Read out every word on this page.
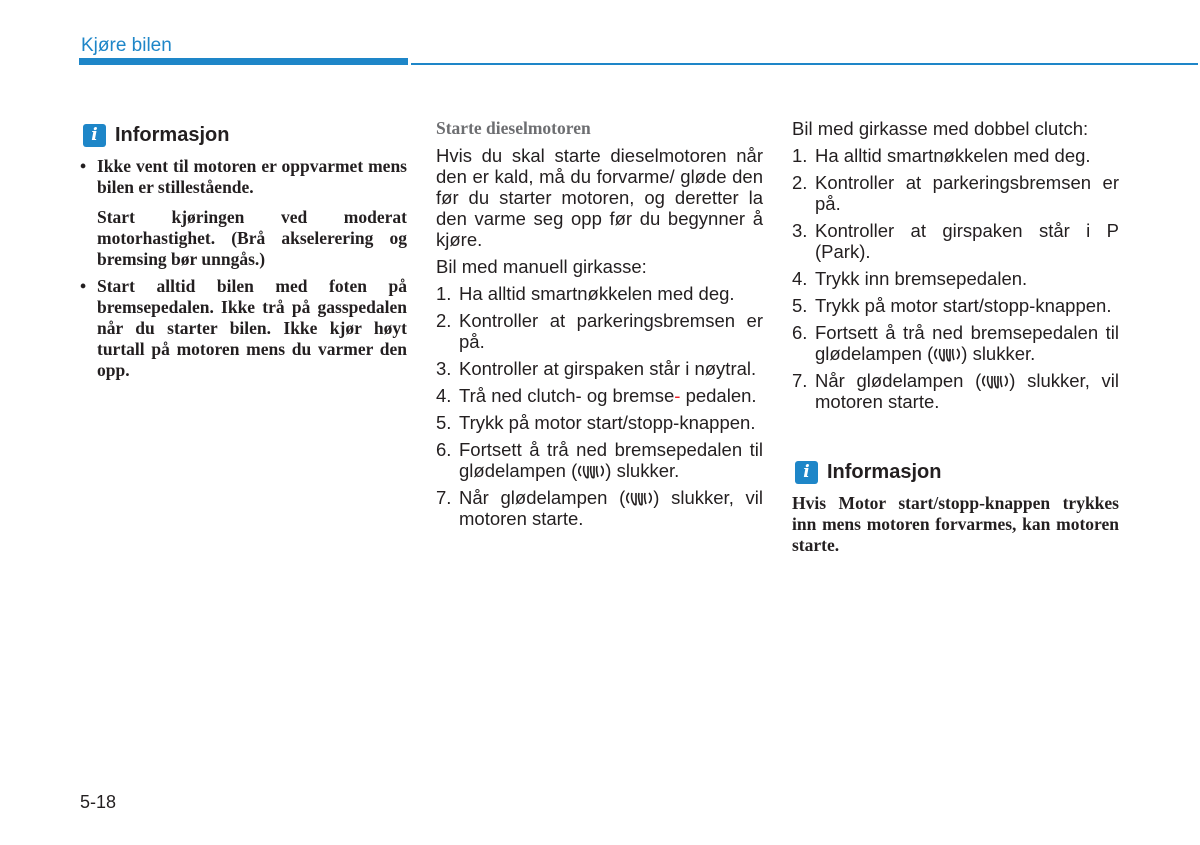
Kjøre bilen
i Informasjon
• Ikke vent til motoren er oppvarmet mens bilen er stillestående.
Start kjøringen ved moderat motorhastighet. (Brå akselerering og bremsing bør unngås.)
• Start alltid bilen med foten på bremsepedalen. Ikke trå på gasspedalen når du starter bilen. Ikke kjør høyt turtall på motoren mens du varmer den opp.

Starte dieselmotoren

Hvis du skal starte dieselmotoren når den er kald, må du forvarme/ gløde den før du starter motoren, og deretter la den varme seg opp før du begynner å kjøre.

Bil med manuell girkasse:

1. Ha alltid smartnøkkelen med deg.
2. Kontroller at parkeringsbremsen er på.
3. Kontroller at girspaken står i nøytral.
4. Trå ned clutch- og bremse- pedalen.
5. Trykk på motor start/stopp-knappen.
6. Fortsett å trå ned bremsepedalen til glødelampen ( ) slukker.
7. Når glødelampen ( ) slukker, vil motoren starte.

Bil med girkasse med dobbel clutch:

1. Ha alltid smartnøkkelen med deg.
2. Kontroller at parkeringsbremsen er på.
3. Kontroller at girspaken står i P (Park).
4. Trykk inn bremsepedalen.
5. Trykk på motor start/stopp-knappen.
6. Fortsett å trå ned bremsepedalen til glødelampen ( ) slukker.
7. Når glødelampen ( ) slukker, vil motoren starte.
i Informasjon
Hvis Motor start/stopp-knappen trykkes inn mens motoren forvarmes, kan motoren starte.
5-18
